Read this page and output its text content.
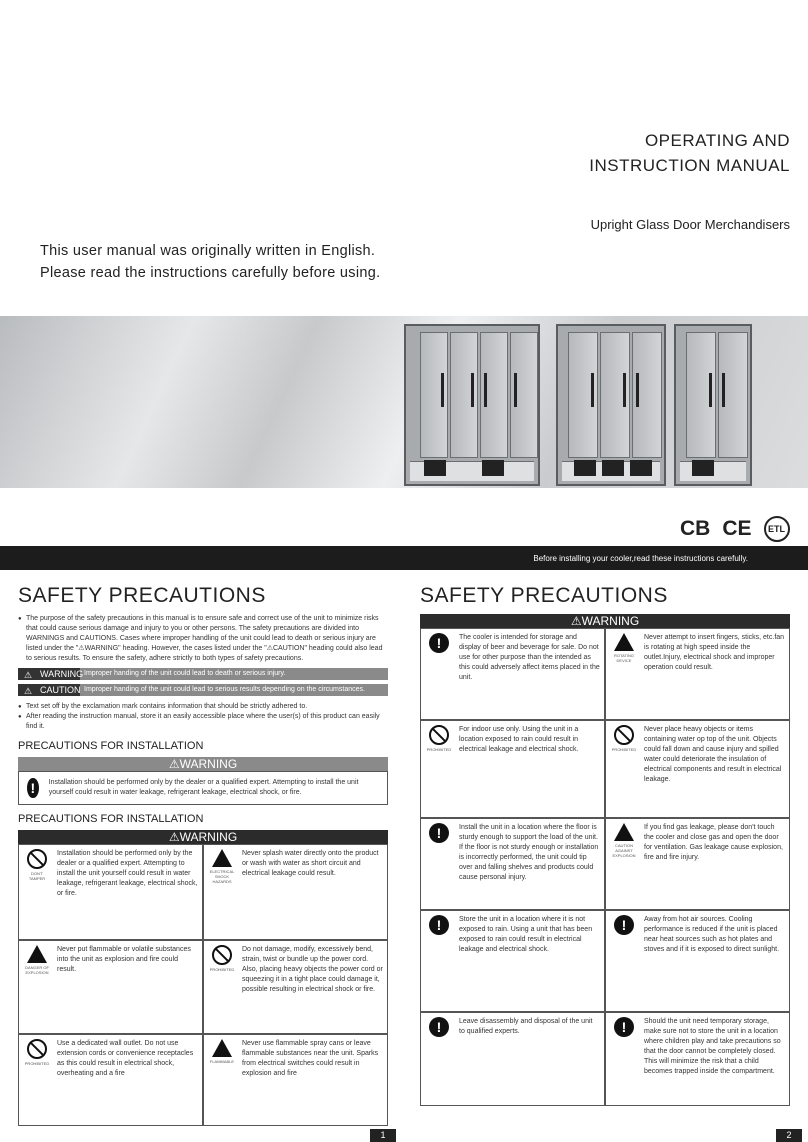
OPERATING AND
INSTRUCTION MANUAL
Upright Glass Door Merchandisers
This user manual was originally written in English.
Please read the instructions carefully before using.
CB CE	ETL
Before installing your cooler,read these instructions carefully.
SAFETY PRECAUTIONS
● The purpose of the safety precautions in this manual is to ensure safe and correct use of the unit to minimize risks that could cause serious damage and injury to you or other persons. The safety precautions are divided into WARNINGS and CAUTIONS. Cases where improper handling of the unit could lead to death or serious injury are listed under the "⚠WARNING" heading. However, the cases listed under the "⚠CAUTION" heading could also lead to serious results. To ensure the safety, adhere strictly to both types of safety precautions.
⚠ WARNING Improper handing of the unit could lead to death or serious injury.
⚠ CAUTION Improper handing of the unit could lead to serious results depending on the circumstances.
● Text set off by the exclamation mark contains information that should be strictly adhered to.
● After reading the instruction manual, store it an easily accessible place where the user(s) of this product can easily find it.
PRECAUTIONS FOR INSTALLATION
⚠WARNING
!	Installation should be performed only by the dealer or a qualified expert. Attempting to install the unit yourself could result in water leakage, refrigerant leakage, electrical shock, or fire.
PRECAUTIONS FOR INSTALLATION
⚠WARNING
DON'T TAMPER
Installation should be performed only by the dealer or a qualified expert. Attempting to install the unit yourself could result in water leakage, refrigerant leakage, electrical shock, or fire.
ELECTRICAL SHOCK HAZARDS
Never splash water directly onto the product or wash with water as short circuit and electrical leakage could result.
DANGER OF EXPLOSION
Never put flammable or volatile substances into the unit as explosion and fire could result.	PROHIBITED
Do not damage, modify, excessively bend, strain, twist or bundle up the power cord. Also, placing heavy objects the power cord or squeezing it in a tight place could damage it, possible resulting in electrical shock or fire.
PROHIBITED
Use a dedicated wall outlet. Do not use extension cords or convenience receptacles as this could result in electrical shock, overheating and a fire
FLAMMABLE
Never use flammable spray cans or leave flammable substances near the unit. Sparks from electrical switches could result in explosion and fire
1
SAFETY PRECAUTIONS
⚠WARNING
!	The cooler is intended for storage and display of beer and beverage for sale. Do not use for other purpose than the intended as this could adversely affect items placed in the unit.
ROTATING DEVICE
Never attempt to insert fingers, sticks, etc.fan is rotating at high speed inside the outlet.Injury, electrical shock and improper operation could result.
PROHIBITED
For indoor use only. Using the unit in a location exposed to rain could result in electrical leakage and electrical shock.	PROHIBITED
Never place heavy objects or items containing water op top of the unit. Objects could fall down and cause injury and spilled water could deteriorate the insulation of electrical components and result in electrical leakage.
!	Install the unit in a location where the floor is sturdy enough to support the load of the unit. If the floor is not sturdy enough or installation is incorrectly performed, the unit could tip over and falling shelves and products could cause personal injury.
CAUTION AGAINST EXPLOSION
If you find gas leakage, please don't touch the cooler and close gas and open the door for ventilation. Gas leakage cause explosion, fire and fire injury.
!	Store the unit in a location where it is not exposed to rain. Using a unit that has been exposed to rain could result in electrical leakage and electrical shock.
!	Away from hot air sources. Cooling performance is reduced if the unit is placed near heat sources such as hot plates and stoves and if it is exposed to direct sunlight.
!	Leave disassembly and disposal of the unit to qualified experts.	!	Should the unit need temporary storage, make sure not to store the unit in a location where children play and take precautions so that the door cannot be completely closed. This will minimize the risk that a child becomes trapped inside the compartment.
2
